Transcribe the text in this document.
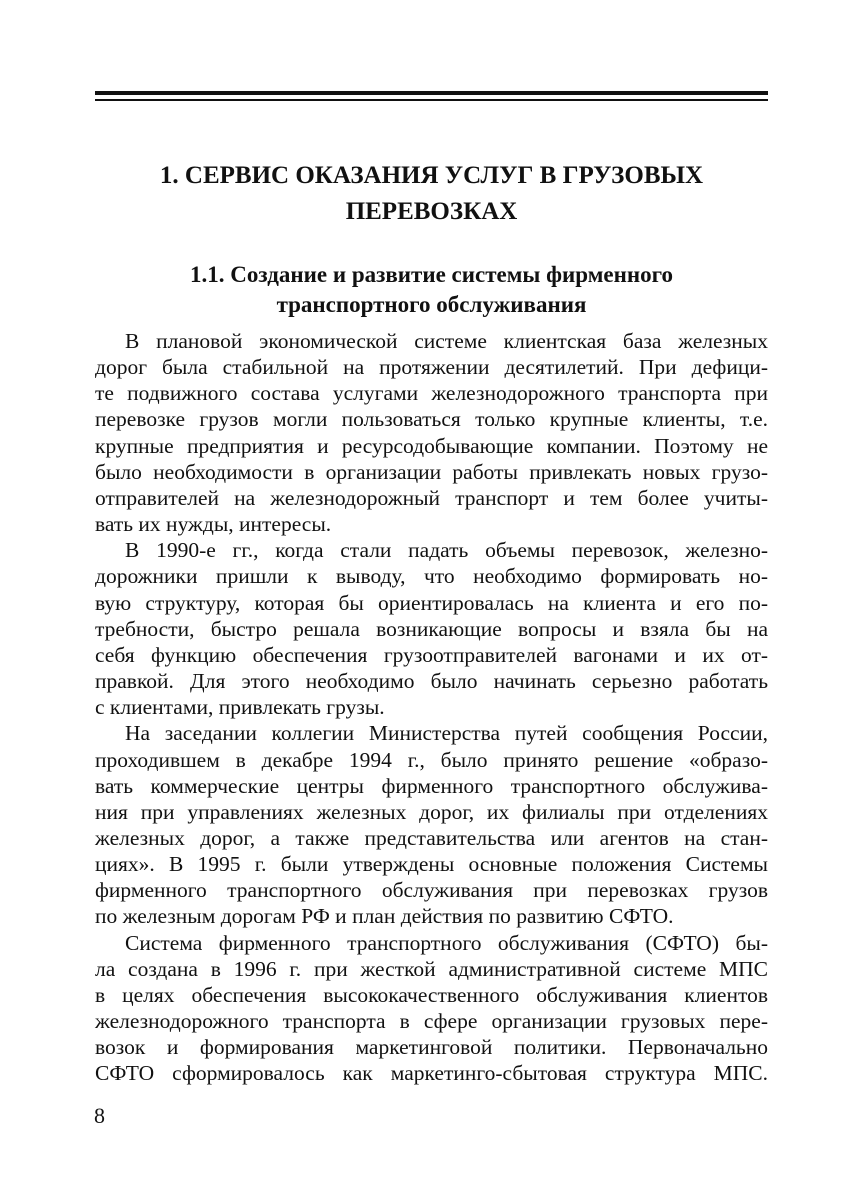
1. СЕРВИС ОКАЗАНИЯ УСЛУГ В ГРУЗОВЫХ
ПЕРЕВОЗКАХ
1.1. Создание и развитие системы фирменного
транспортного обслуживания
В плановой экономической системе клиентская база железных
дорог была стабильной на протяжении десятилетий. При дефици-
те подвижного состава услугами железнодорожного транспорта при
перевозке грузов могли пользоваться только крупные клиенты, т.е.
крупные предприятия и ресурсодобывающие компании. Поэтому не
было необходимости в организации работы привлекать новых грузо-
отправителей на железнодорожный транспорт и тем более учиты-
вать их нужды, интересы.
В 1990-е гг., когда стали падать объемы перевозок, железно-
дорожники пришли к выводу, что необходимо формировать но-
вую структуру, которая бы ориентировалась на клиента и его по-
требности, быстро решала возникающие вопросы и взяла бы на
себя функцию обеспечения грузоотправителей вагонами и их от-
правкой. Для этого необходимо было начинать серьезно работать
с клиентами, привлекать грузы.
На заседании коллегии Министерства путей сообщения России,
проходившем в декабре 1994 г., было принято решение «образо-
вать коммерческие центры фирменного транспортного обслужива-
ния при управлениях железных дорог, их филиалы при отделениях
железных дорог, а также представительства или агентов на стан-
циях». В 1995 г. были утверждены основные положения Системы
фирменного транспортного обслуживания при перевозках грузов
по железным дорогам РФ и план действия по развитию СФТО.
Система фирменного транспортного обслуживания (СФТО) бы-
ла создана в 1996 г. при жесткой административной системе МПС
в целях обеспечения высококачественного обслуживания клиентов
железнодорожного транспорта в сфере организации грузовых пере-
возок и формирования маркетинговой политики. Первоначально
СФТО сформировалось как маркетинго-сбытовая структура МПС.
8
